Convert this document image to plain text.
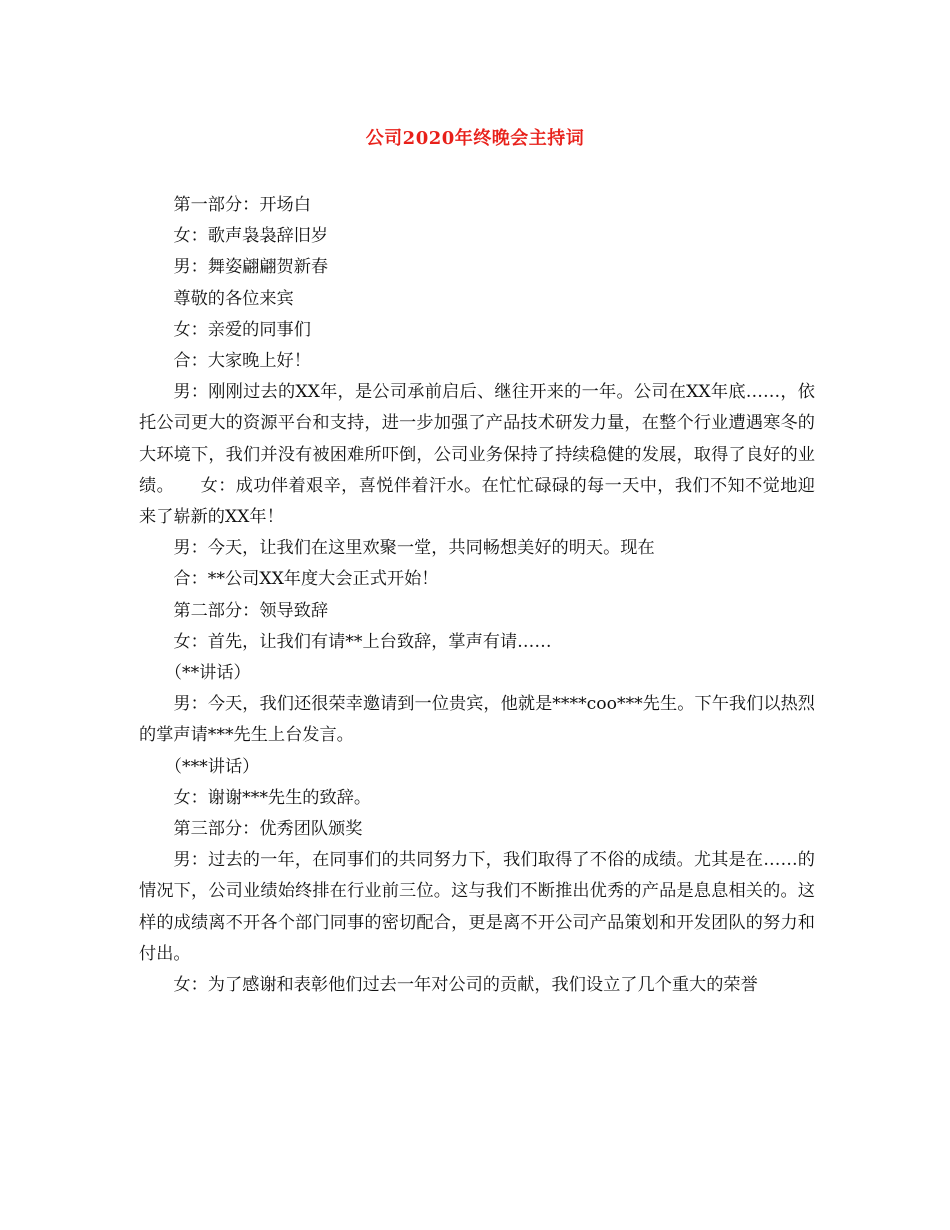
公司2020年终晚会主持词

第一部分：开场白

女：歌声袅袅辞旧岁

男：舞姿翩翩贺新春

尊敬的各位来宾

女：亲爱的同事们

合：大家晚上好！

男：刚刚过去的XX年，是公司承前启后、继往开来的一年。公司在XX年底……，依托公司更大的资源平台和支持，进一步加强了产品技术研发力量，在整个行业遭遇寒冬的大环境下，我们并没有被困难所吓倒，公司业务保持了持续稳健的发展，取得了良好的业绩。　　女：成功伴着艰辛，喜悦伴着汗水。在忙忙碌碌的每一天中，我们不知不觉地迎来了崭新的XX年！

男：今天，让我们在这里欢聚一堂，共同畅想美好的明天。现在

合：**公司XX年度大会正式开始！

第二部分：领导致辞

女：首先，让我们有请**上台致辞，掌声有请……

（**讲话）

男：今天，我们还很荣幸邀请到一位贵宾，他就是****coo***先生。下午我们以热烈的掌声请***先生上台发言。

（***讲话）

女：谢谢***先生的致辞。

第三部分：优秀团队颁奖

男：过去的一年，在同事们的共同努力下，我们取得了不俗的成绩。尤其是在……的情况下，公司业绩始终排在行业前三位。这与我们不断推出优秀的产品是息息相关的。这样的成绩离不开各个部门同事的密切配合，更是离不开公司产品策划和开发团队的努力和付出。

女：为了感谢和表彰他们过去一年对公司的贡献，我们设立了几个重大的荣誉
